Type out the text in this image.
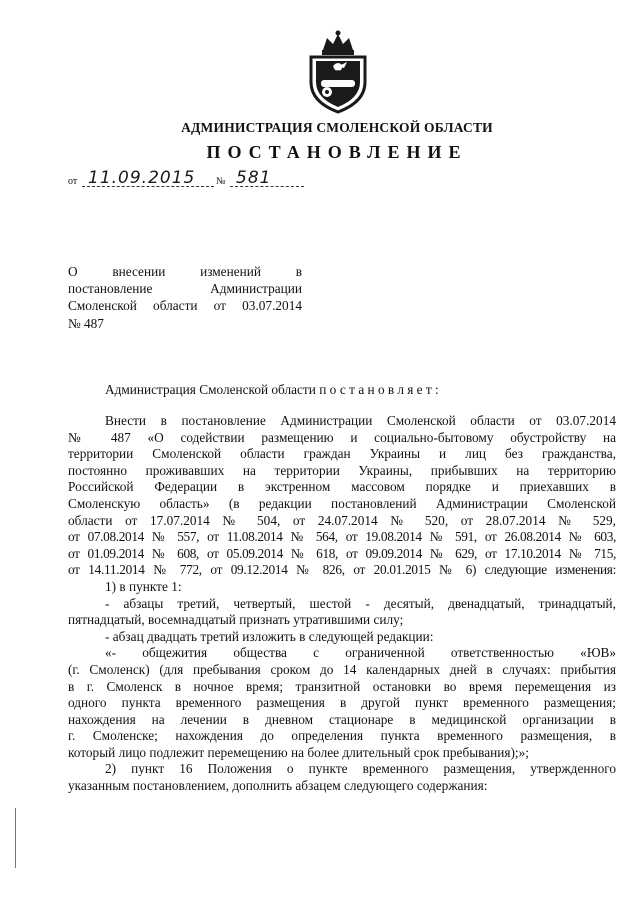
АДМИНИСТРАЦИЯ СМОЛЕНСКОЙ ОБЛАСТИ
ПОСТАНОВЛЕНИЕ
от 11.09.2015 № 581
О внесении изменений в
постановление Администрации
Смоленской области от 03.07.2014
№ 487
Администрация Смоленской области постановляет:
Внести в постановление Администрации Смоленской области от 03.07.2014
№ 487 «О содействии размещению и социально-бытовому обустройству на
территории Смоленской области граждан Украины и лиц без гражданства,
постоянно проживавших на территории Украины, прибывших на территорию
Российской Федерации в экстренном массовом порядке и приехавших в
Смоленскую область» (в редакции постановлений Администрации Смоленской
области от 17.07.2014 № 504, от 24.07.2014 № 520, от 28.07.2014 № 529,
от 07.08.2014 № 557, от 11.08.2014 № 564, от 19.08.2014 № 591, от 26.08.2014 № 603,
от 01.09.2014 № 608, от 05.09.2014 № 618, от 09.09.2014 № 629, от 17.10.2014 № 715,
от 14.11.2014 № 772, от 09.12.2014 № 826, от 20.01.2015 № 6) следующие изменения:
1) в пункте 1:
- абзацы третий, четвертый, шестой - десятый, двенадцатый, тринадцатый,
пятнадцатый, восемнадцатый признать утратившими силу;
- абзац двадцать третий изложить в следующей редакции:
«- общежития общества с ограниченной ответственностью «ЮВ»
(г. Смоленск) (для пребывания сроком до 14 календарных дней в случаях: прибытия
в г. Смоленск в ночное время; транзитной остановки во время перемещения из
одного пункта временного размещения в другой пункт временного размещения;
нахождения на лечении в дневном стационаре в медицинской организации в
г. Смоленске; нахождения до определения пункта временного размещения, в
который лицо подлежит перемещению на более длительный срок пребывания);»;
2) пункт 16 Положения о пункте временного размещения, утвержденного
указанным постановлением, дополнить абзацем следующего содержания:
